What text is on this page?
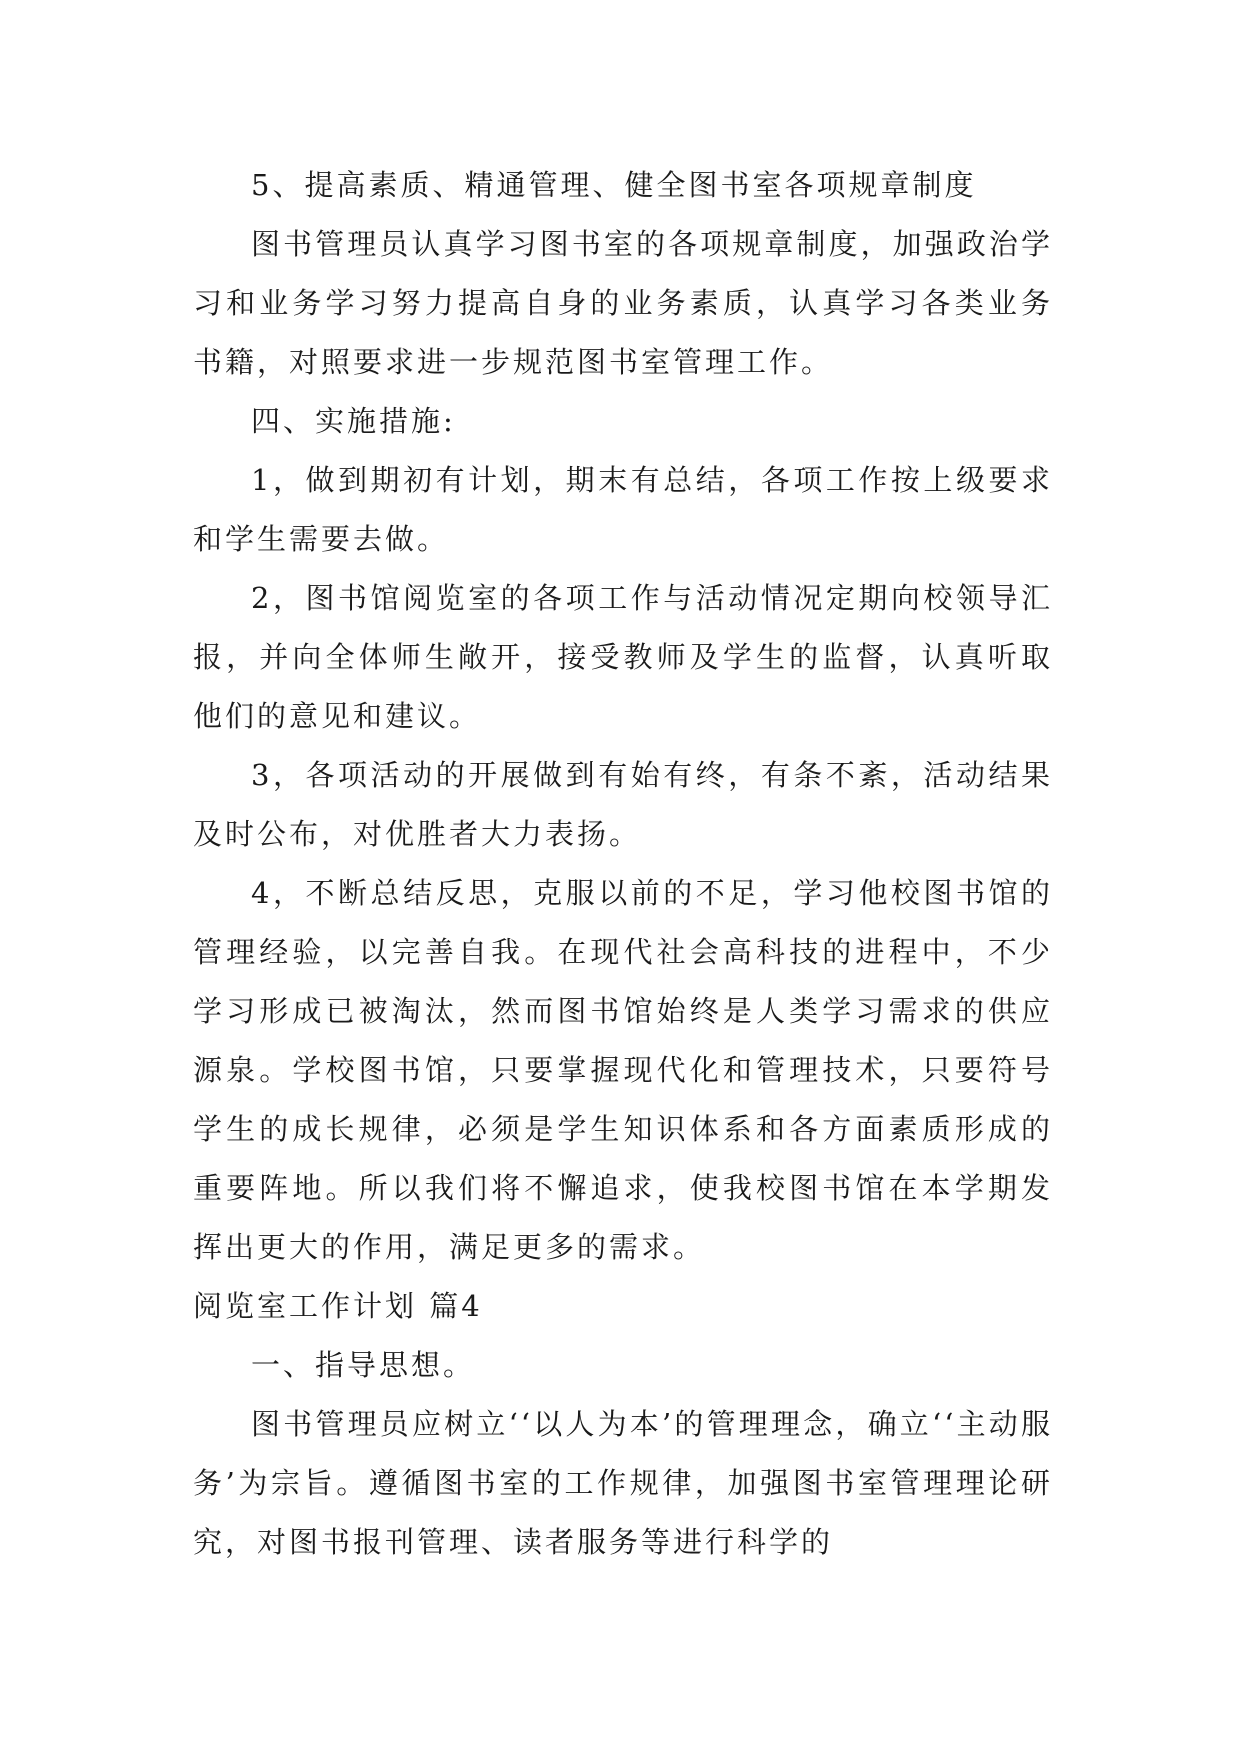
5、提高素质、精通管理、健全图书室各项规章制度

图书管理员认真学习图书室的各项规章制度，加强政治学习和业务学习努力提高自身的业务素质，认真学习各类业务书籍，对照要求进一步规范图书室管理工作。

四、实施措施:

1，做到期初有计划，期末有总结，各项工作按上级要求和学生需要去做。

2，图书馆阅览室的各项工作与活动情况定期向校领导汇报，并向全体师生敞开，接受教师及学生的监督，认真听取他们的意见和建议。

3，各项活动的开展做到有始有终，有条不紊，活动结果及时公布，对优胜者大力表扬。

4，不断总结反思，克服以前的不足，学习他校图书馆的管理经验，以完善自我。在现代社会高科技的进程中，不少学习形成已被淘汰，然而图书馆始终是人类学习需求的供应源泉。学校图书馆，只要掌握现代化和管理技术，只要符号学生的成长规律，必须是学生知识体系和各方面素质形成的重要阵地。所以我们将不懈追求，使我校图书馆在本学期发挥出更大的作用，满足更多的需求。

阅览室工作计划 篇4

一、指导思想。

图书管理员应树立‘‘以人为本’的管理理念，确立‘‘主动服务’为宗旨。遵循图书室的工作规律，加强图书室管理理论研究，对图书报刊管理、读者服务等进行科学的
